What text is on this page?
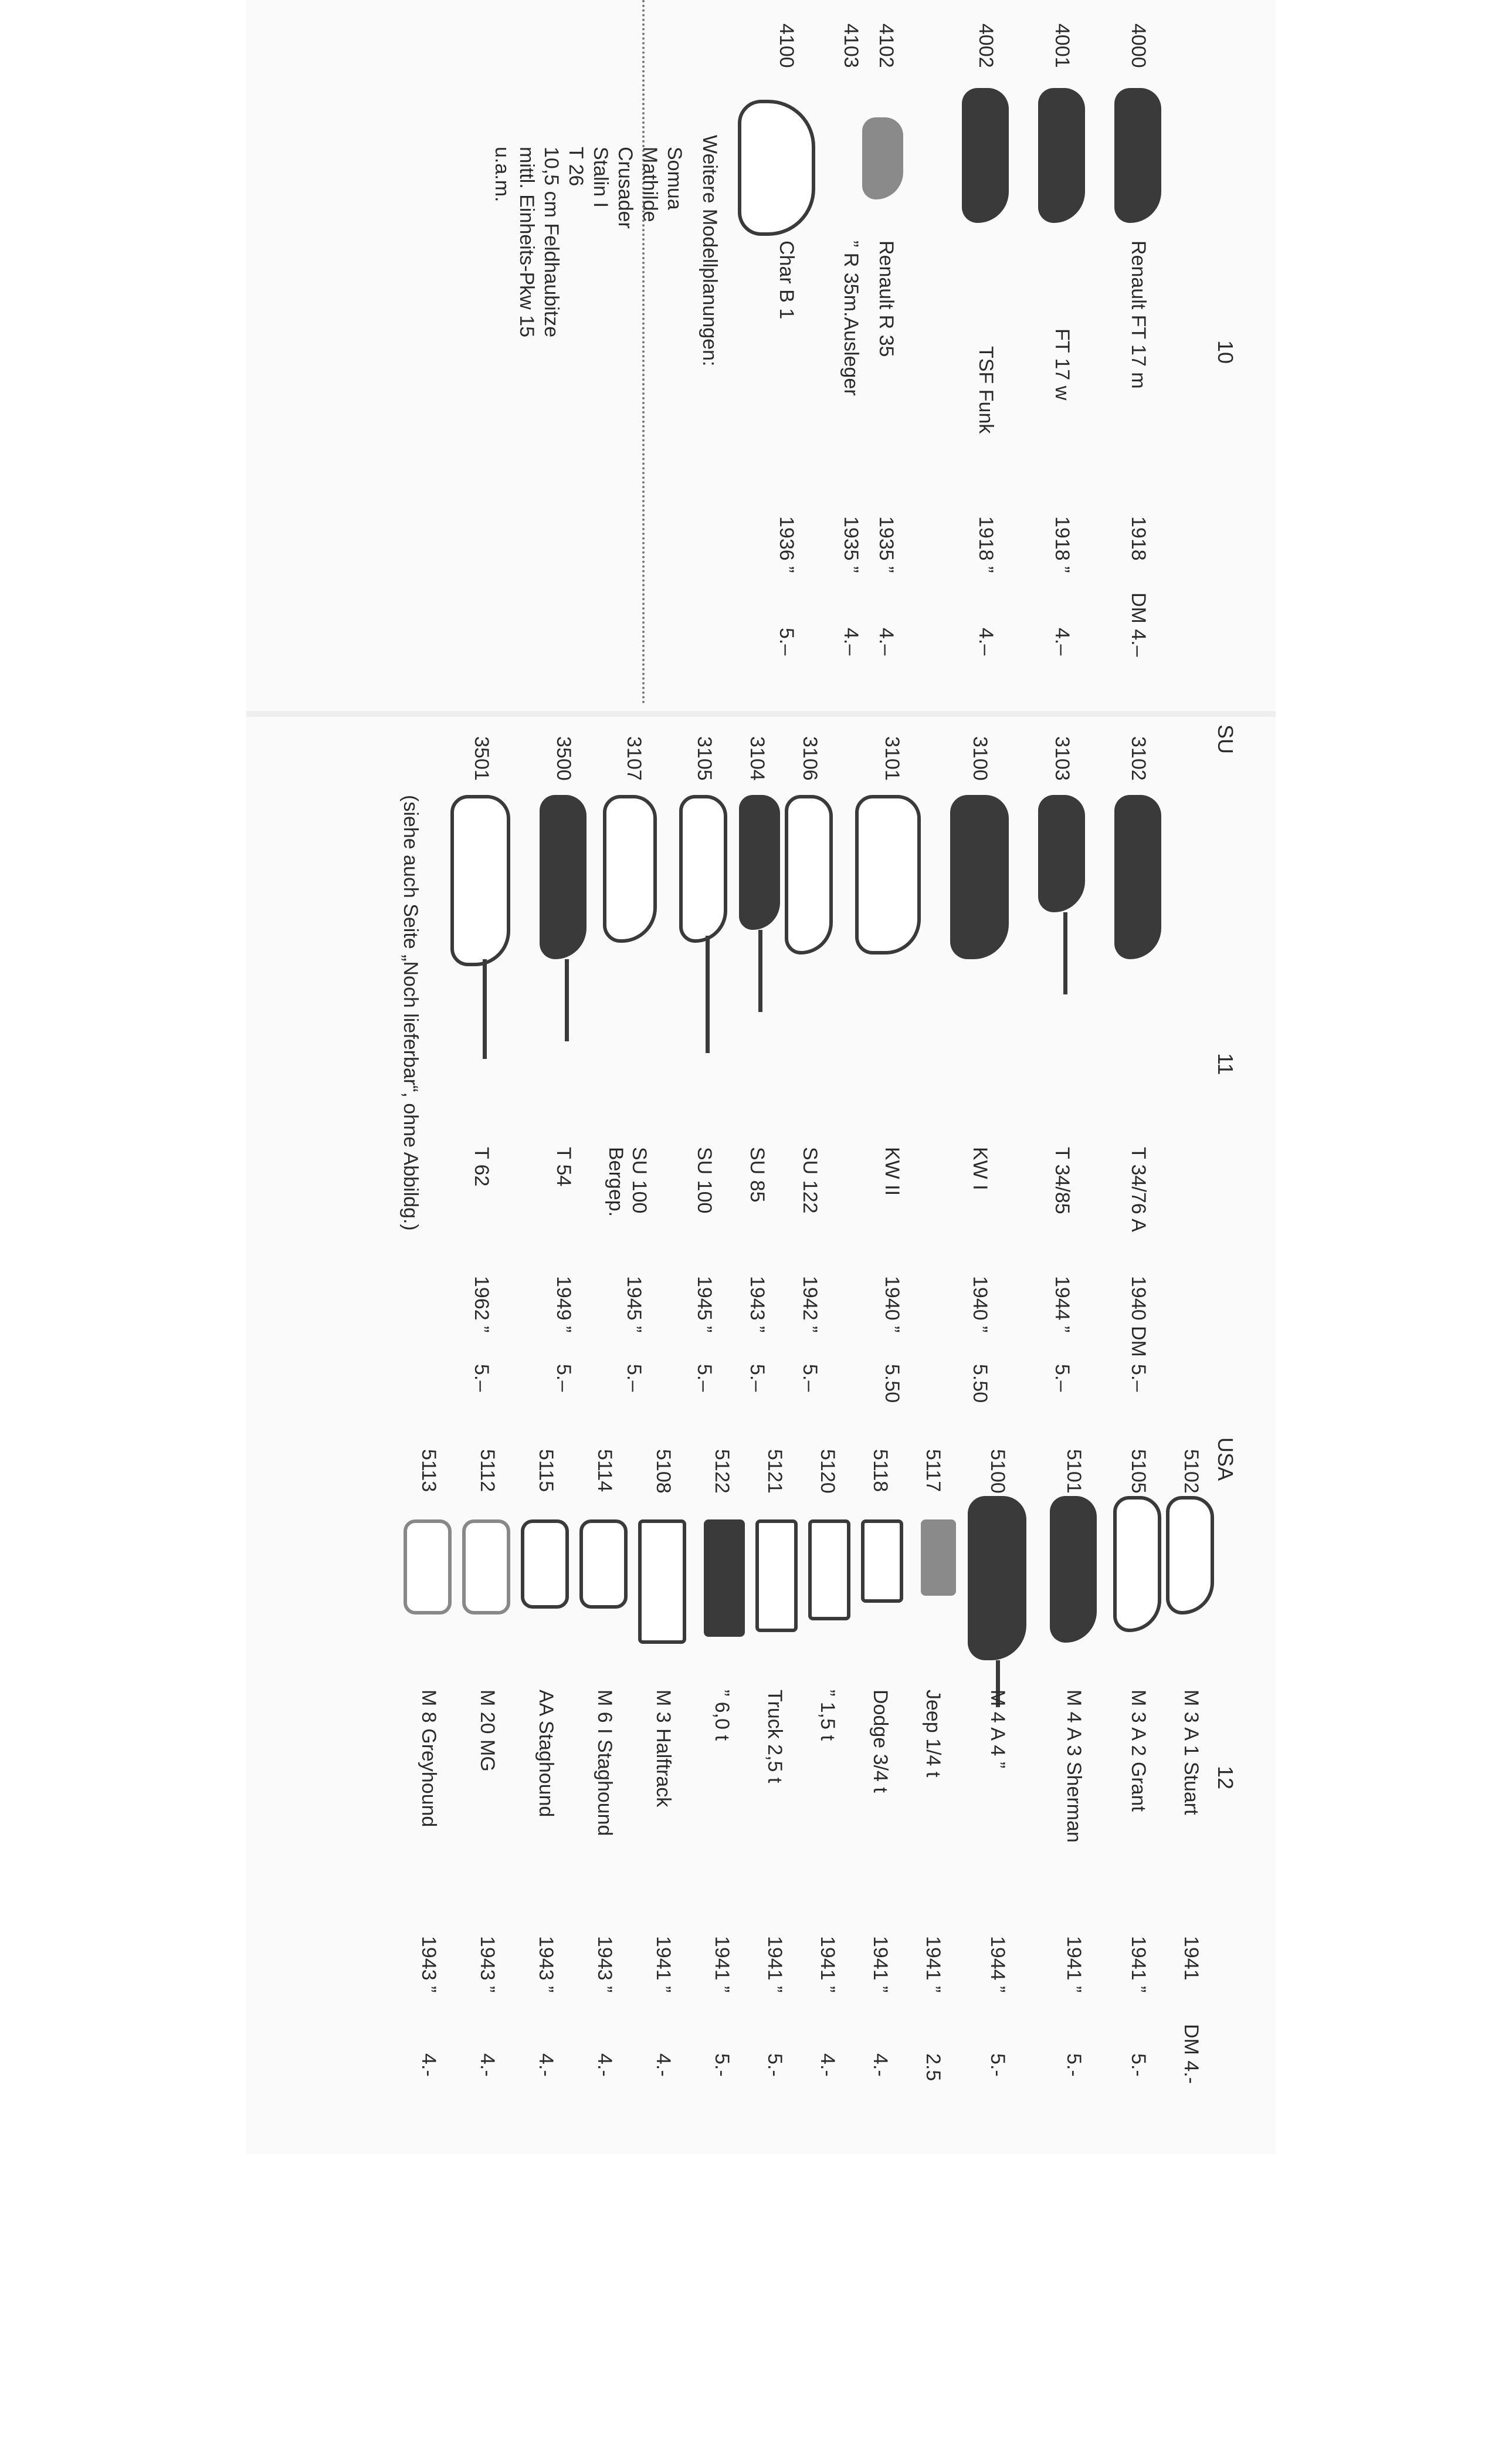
10
4000
Renault FT 17 m
1918
DM 4.–
4001
FT 17 w
1918 ”
4.–
4002
TSF Funk
1918 ”
4.–
4102
Renault R 35
1935 ”
4.–
4103
” R 35m.Ausleger
1935 ”
4.–
4100
Char B 1
1936 ”
5.–
Weitere Modellplanungen:
Somua
Mathilde
Crusader
Stalin I
T 26
10,5 cm Feldhaubitze
mittl. Einheits-Pkw 15
u.a.m.
SU
11
3102
T 34/76 A
1940 DM
5.–
3103
T 34/85
1944 ”
5.–
3100
KW I
1940 ”
5.50
3101
KW II
1940 ”
5.50
3106
SU 122
1942 ”
5.–
3104
SU 85
1943 ”
5.–
3105
SU 100
1945 ”
5.–
3107
SU 100 Bergep.
1945 ”
5.–
3500
T 54
1949 ”
5.–
3501
T 62
1962 ”
5.–
(siehe auch Seite „Noch lieferbar“, ohne Abbildg.)
USA
12
5102
M 3 A 1 Stuart
1941
DM 4.-
5105
M 3 A 2 Grant
1941 ”
5.-
5101
M 4 A 3 Sherman
1941 ”
5.-
5100
M 4 A 4 ”
1944 ”
5.-
5117
Jeep 1/4 t
1941 ”
2.5
5118
Dodge 3/4 t
1941 ”
4.-
5120
” 1,5 t
1941 ”
4.-
5121
Truck 2,5 t
1941 ”
5.-
5122
” 6,0 t
1941 ”
5.-
5108
M 3 Halftrack
1941 ”
4.-
5114
M 6 I Staghound
1943 ”
4.-
5115
AA Staghound
1943 ”
4.-
5112
M 20 MG
1943 ”
4.-
5113
M 8 Greyhound
1943 ”
4.-
